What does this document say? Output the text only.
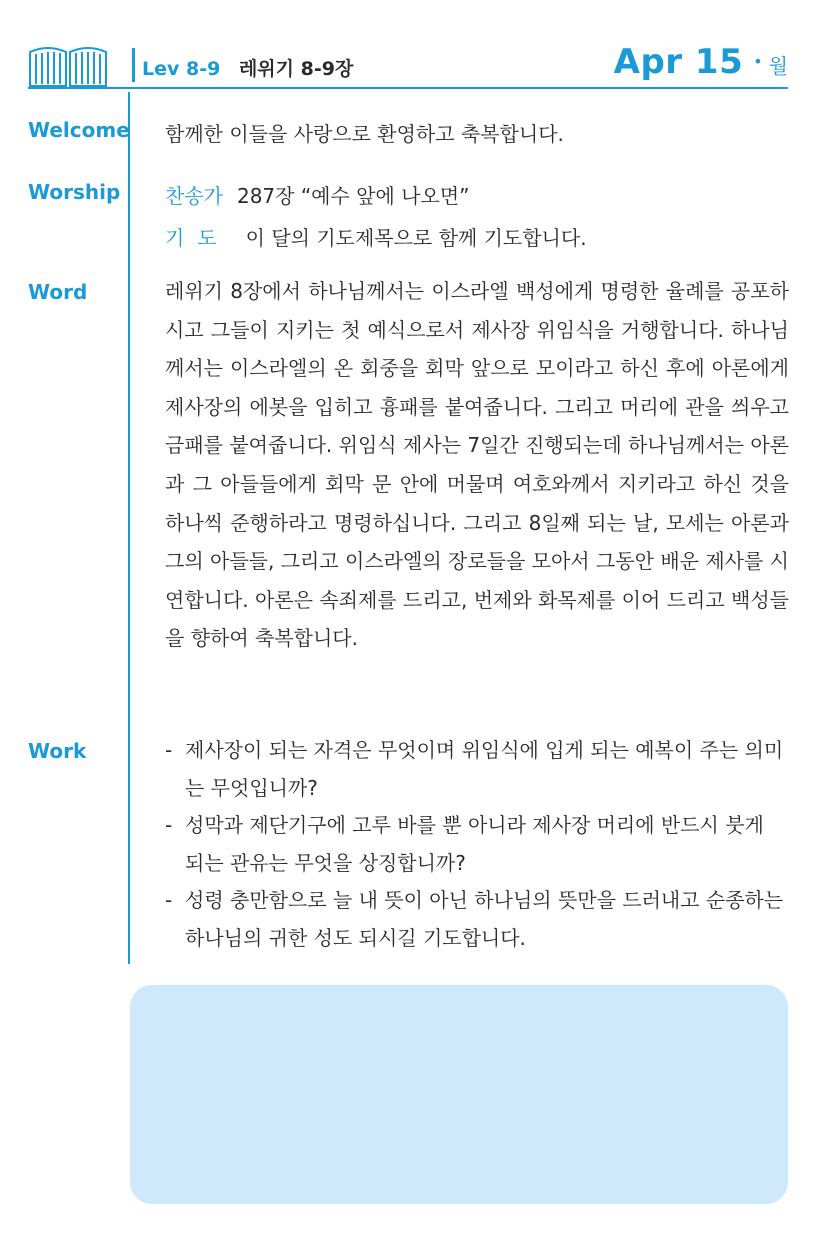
Lev 8-9 레위기 8-9장	Apr 15 • 월
Welcome 함께한 이들을 사랑으로 환영하고 축복합니다.
Worship 찬송가 287장 “예수 앞에 나오면”
기도 이 달의 기도제목으로 함께 기도합니다.
Word	레위기 8장에서 하나님께서는 이스라엘 백성에게 명령한 율례를 공포하시고 그들이 지키는 첫 예식으로서 제사장 위임식을 거행합니다. 하나님께서는 이스라엘의 온 회중을 회막 앞으로 모이라고 하신 후에 아론에게 제사장의 에봇을 입히고 흉패를 붙여줍니다. 그리고 머리에 관을 씌우고 금패를 붙여줍니다. 위임식 제사는 7일간 진행되는데 하나님께서는 아론과 그 아들들에게 회막 문 안에 머물며 여호와께서 지키라고 하신 것을 하나씩 준행하라고 명령하십니다. 그리고 8일째 되는 날, 모세는 아론과 그의 아들들, 그리고 이스라엘의 장로들을 모아서 그동안 배운 제사를 시연합니다. 아론은 속죄제를 드리고, 번제와 화목제를 이어 드리고 백성들을 향하여 축복합니다.
Work	- 제사장이 되는 자격은 무엇이며 위임식에 입게 되는 예복이 주는 의미는 무엇입니까?
- 성막과 제단기구에 고루 바를 뿐 아니라 제사장 머리에 반드시 붓게 되는 관유는 무엇을 상징합니까?
- 성령 충만함으로 늘 내 뜻이 아닌 하나님의 뜻만을 드러내고 순종하는 하나님의 귀한 성도 되시길 기도합니다.
